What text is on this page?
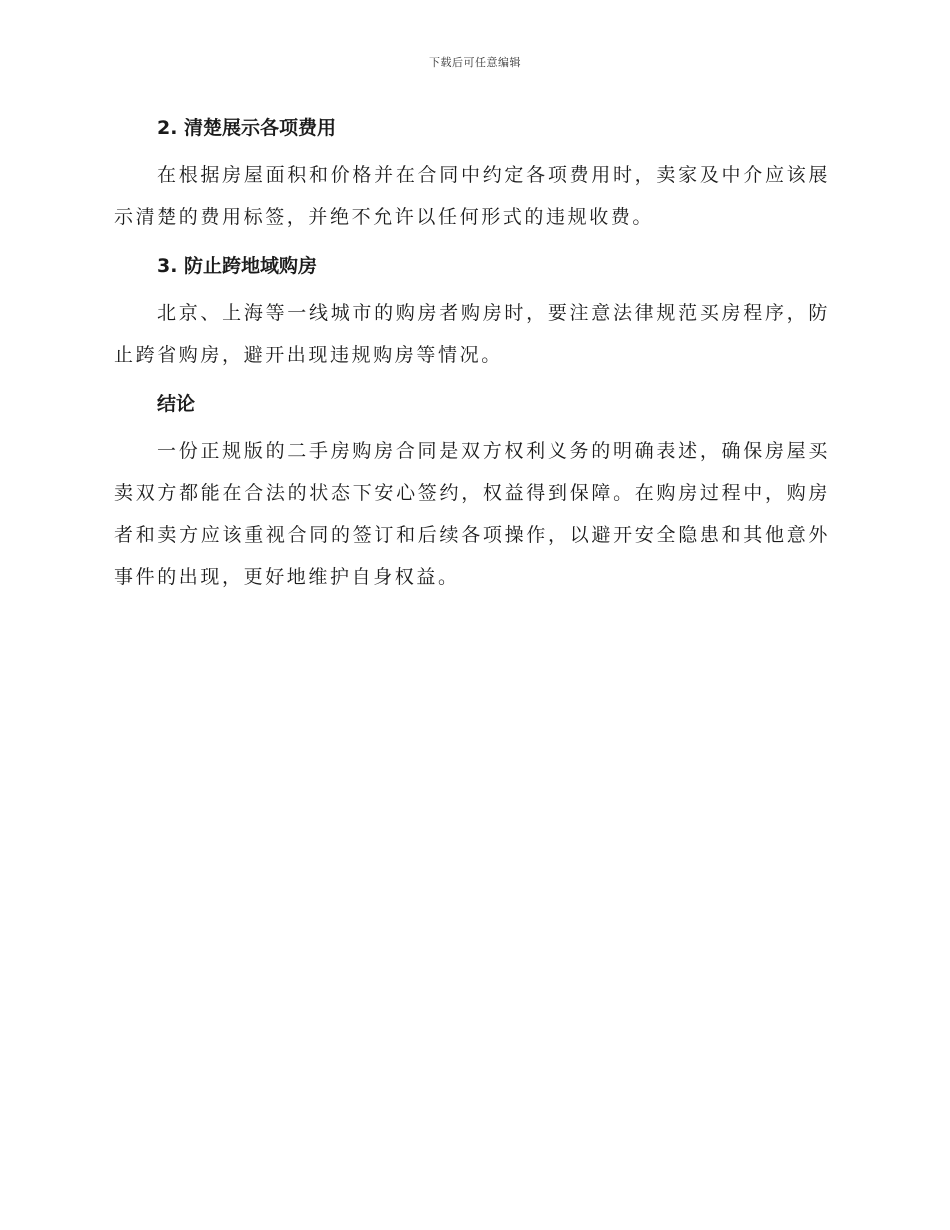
下载后可任意编辑
2. 清楚展示各项费用

在根据房屋面积和价格并在合同中约定各项费用时，卖家及中介应该展示清楚的费用标签，并绝不允许以任何形式的违规收费。

3. 防止跨地域购房

北京、上海等一线城市的购房者购房时，要注意法律规范买房程序，防止跨省购房，避开出现违规购房等情况。

结论

一份正规版的二手房购房合同是双方权利义务的明确表述，确保房屋买卖双方都能在合法的状态下安心签约，权益得到保障。在购房过程中，购房者和卖方应该重视合同的签订和后续各项操作，以避开安全隐患和其他意外事件的出现，更好地维护自身权益。
